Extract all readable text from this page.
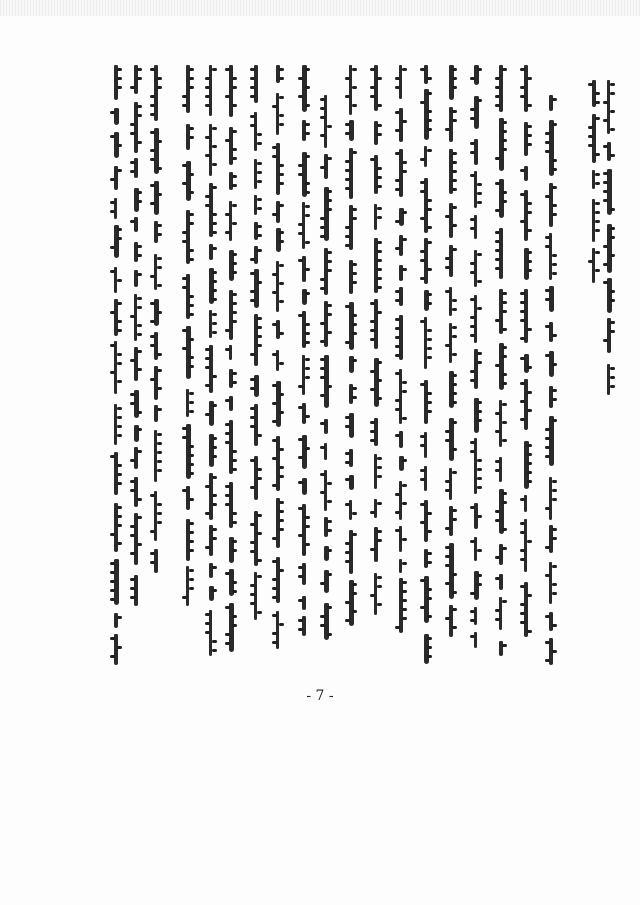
- 7 -
